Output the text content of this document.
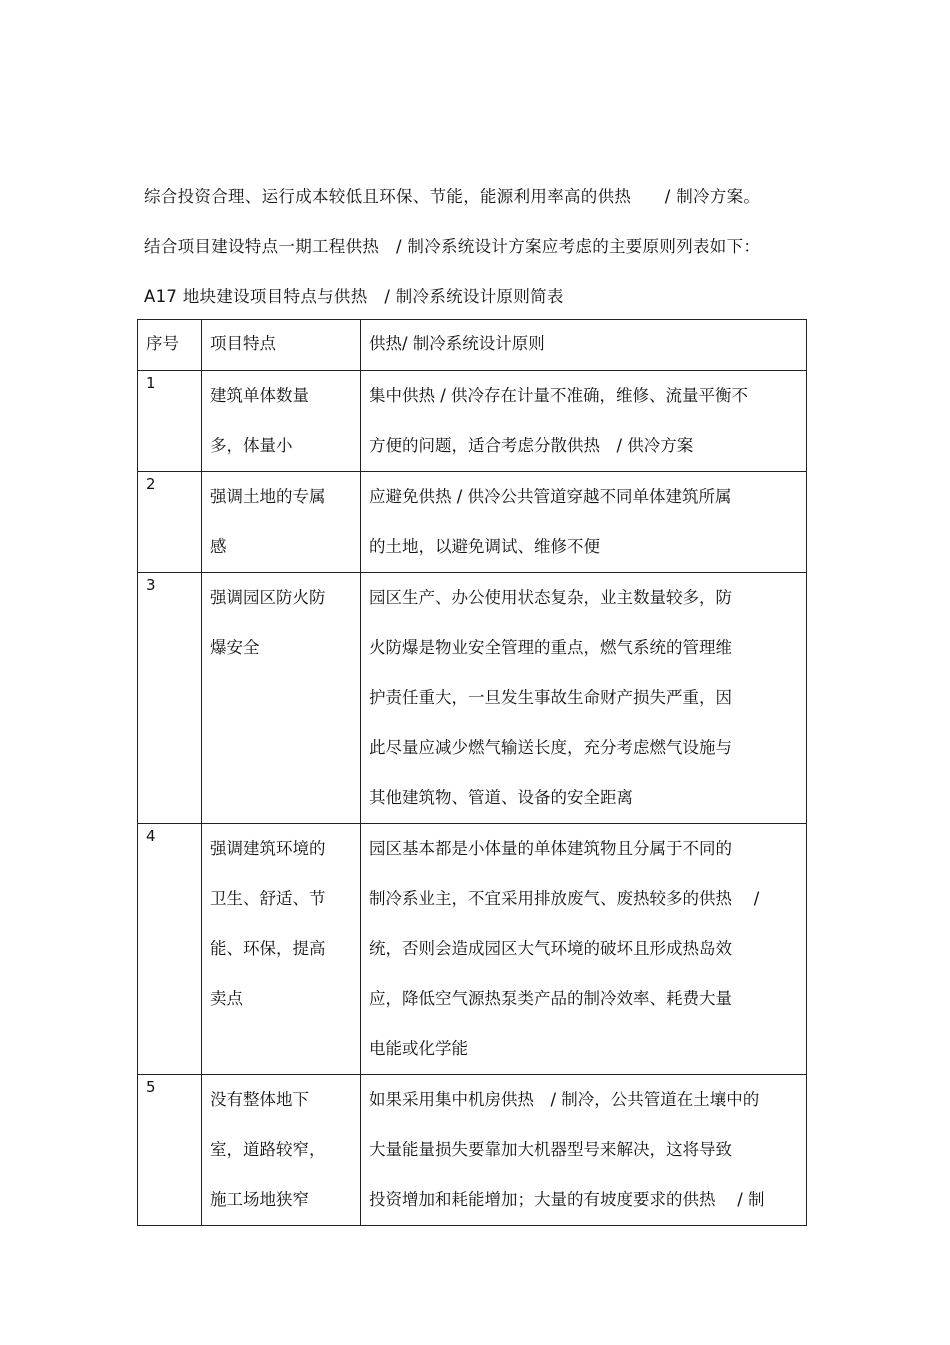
综合投资合理、运行成本较低且环保、节能，能源利用率高的供热　　/ 制冷方案。
结合项目建设特点一期工程供热　/ 制冷系统设计方案应考虑的主要原则列表如下：
A17 地块建设项目特点与供热　/ 制冷系统设计原则简表
序号	项目特点	供热/ 制冷系统设计原则

1	建筑单体数量
多，体量小	集中供热 / 供冷存在计量不准确，维修、流量平衡不
方便的问题，适合考虑分散供热　/ 供冷方案

2	强调土地的专属
感	应避免供热 / 供冷公共管道穿越不同单体建筑所属
的土地，以避免调试、维修不便

3	强调园区防火防
爆安全	园区生产、办公使用状态复杂，业主数量较多，防
火防爆是物业安全管理的重点，燃气系统的管理维
护责任重大，一旦发生事故生命财产损失严重，因
此尽量应减少燃气输送长度，充分考虑燃气设施与
其他建筑物、管道、设备的安全距离

4	强调建筑环境的
卫生、舒适、节
能、环保，提高
卖点	园区基本都是小体量的单体建筑物且分属于不同的
制冷系业主，不宜采用排放废气、废热较多的供热　 /
统，否则会造成园区大气环境的破坏且形成热岛效
应，降低空气源热泵类产品的制冷效率、耗费大量
电能或化学能

5	没有整体地下
室，道路较窄，
施工场地狭窄	如果采用集中机房供热　/ 制冷，公共管道在土壤中的
大量能量损失要靠加大机器型号来解决，这将导致
投资增加和耗能增加；大量的有坡度要求的供热　 / 制
